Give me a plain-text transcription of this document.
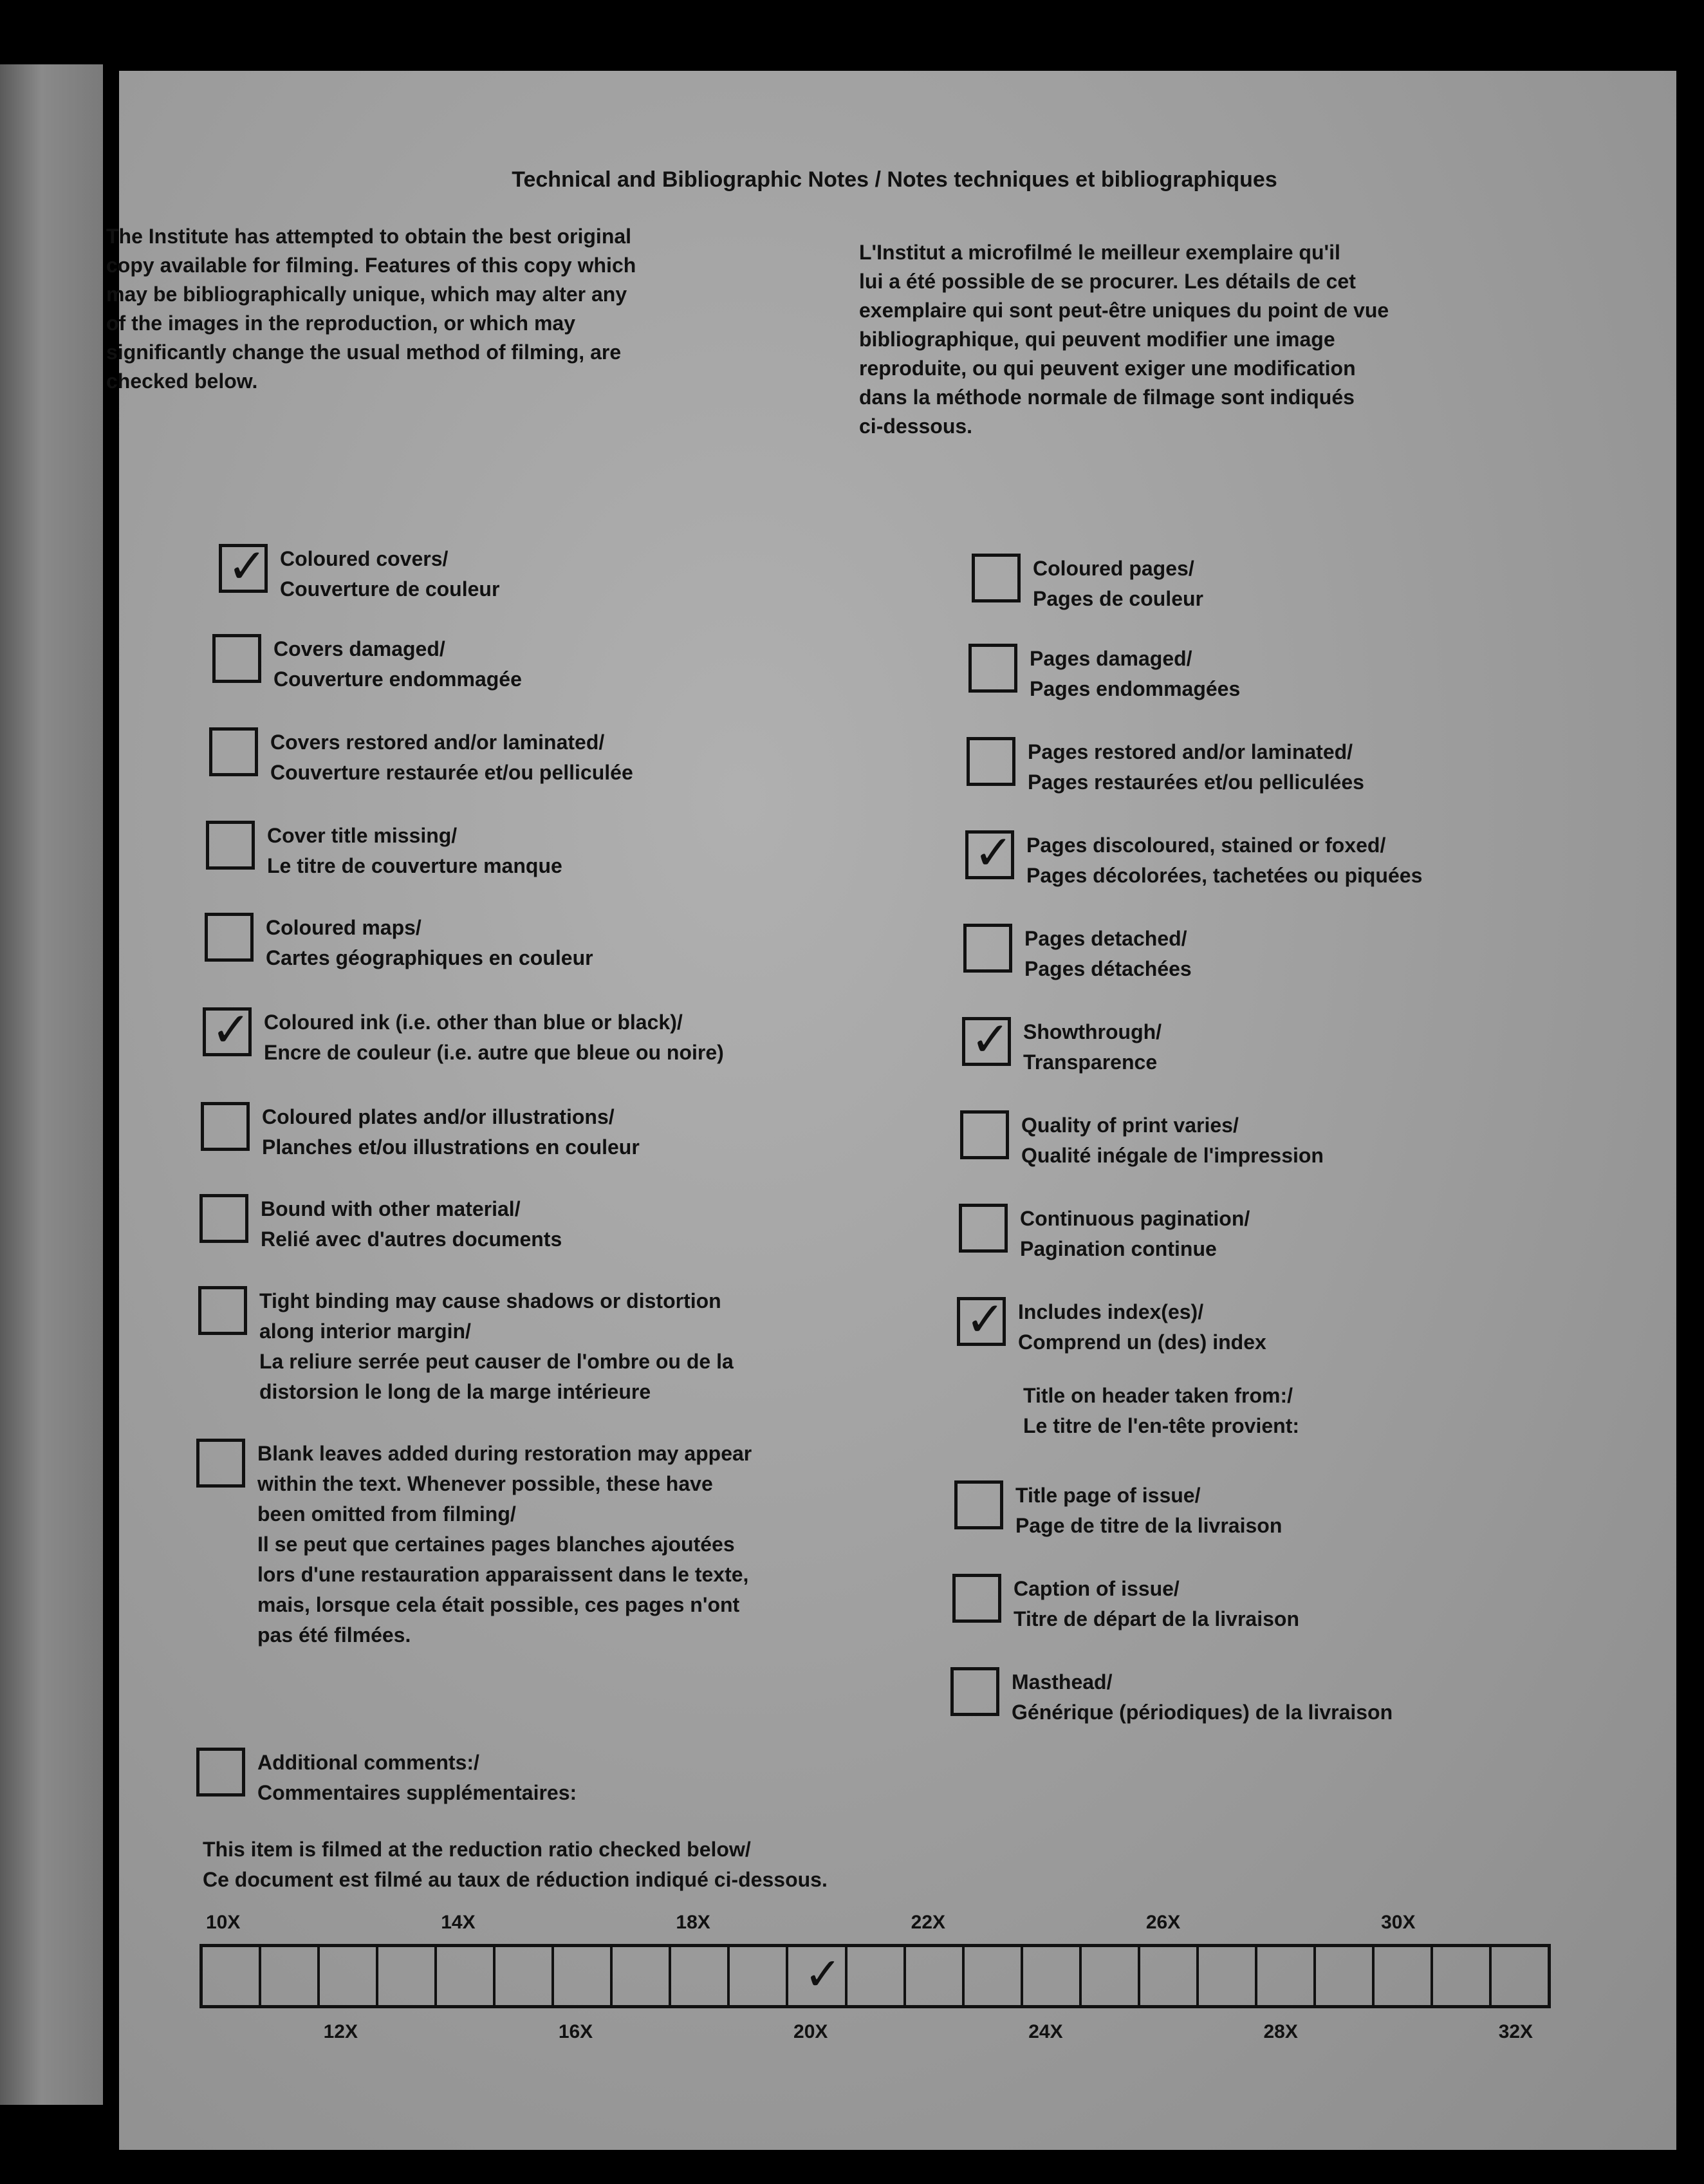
Technical and Bibliographic Notes / Notes techniques et bibliographiques
The Institute has attempted to obtain the best original
copy available for filming. Features of this copy which
may be bibliographically unique, which may alter any
of the images in the reproduction, or which may
significantly change the usual method of filming, are
checked below.
L'Institut a microfilmé le meilleur exemplaire qu'il
lui a été possible de se procurer. Les détails de cet
exemplaire qui sont peut-être uniques du point de vue
bibliographique, qui peuvent modifier une image
reproduite, ou qui peuvent exiger une modification
dans la méthode normale de filmage sont indiqués
ci-dessous.
✓ Coloured covers/
Couverture de couleur
Covers damaged/
Couverture endommagée
Covers restored and/or laminated/
Couverture restaurée et/ou pelliculée
Cover title missing/
Le titre de couverture manque
Coloured maps/
Cartes géographiques en couleur
✓ Coloured ink (i.e. other than blue or black)/
Encre de couleur (i.e. autre que bleue ou noire)
Coloured plates and/or illustrations/
Planches et/ou illustrations en couleur
Bound with other material/
Relié avec d'autres documents
Tight binding may cause shadows or distortion
along interior margin/
La reliure serrée peut causer de l'ombre ou de la
distorsion le long de la marge intérieure
Blank leaves added during restoration may appear
within the text. Whenever possible, these have
been omitted from filming/
Il se peut que certaines pages blanches ajoutées
lors d'une restauration apparaissent dans le texte,
mais, lorsque cela était possible, ces pages n'ont
pas été filmées.
Additional comments:/
Commentaires supplémentaires:
Coloured pages/
Pages de couleur
Pages damaged/
Pages endommagées
Pages restored and/or laminated/
Pages restaurées et/ou pelliculées
✓ Pages discoloured, stained or foxed/
Pages décolorées, tachetées ou piquées
Pages detached/
Pages détachées
✓ Showthrough/
Transparence
Quality of print varies/
Qualité inégale de l'impression
Continuous pagination/
Pagination continue
✓ Includes index(es)/
Comprend un (des) index
Title page of issue/
Page de titre de la livraison
Caption of issue/
Titre de départ de la livraison
Masthead/
Générique (périodiques) de la livraison
Title on header taken from:/
Le titre de l'en-tête provient:
This item is filmed at the reduction ratio checked below/
Ce document est filmé au taux de réduction indiqué ci-dessous.
✓
10X	14X	18X	22X	26X	30X
12X	16X	20X	24X	28X	32X
